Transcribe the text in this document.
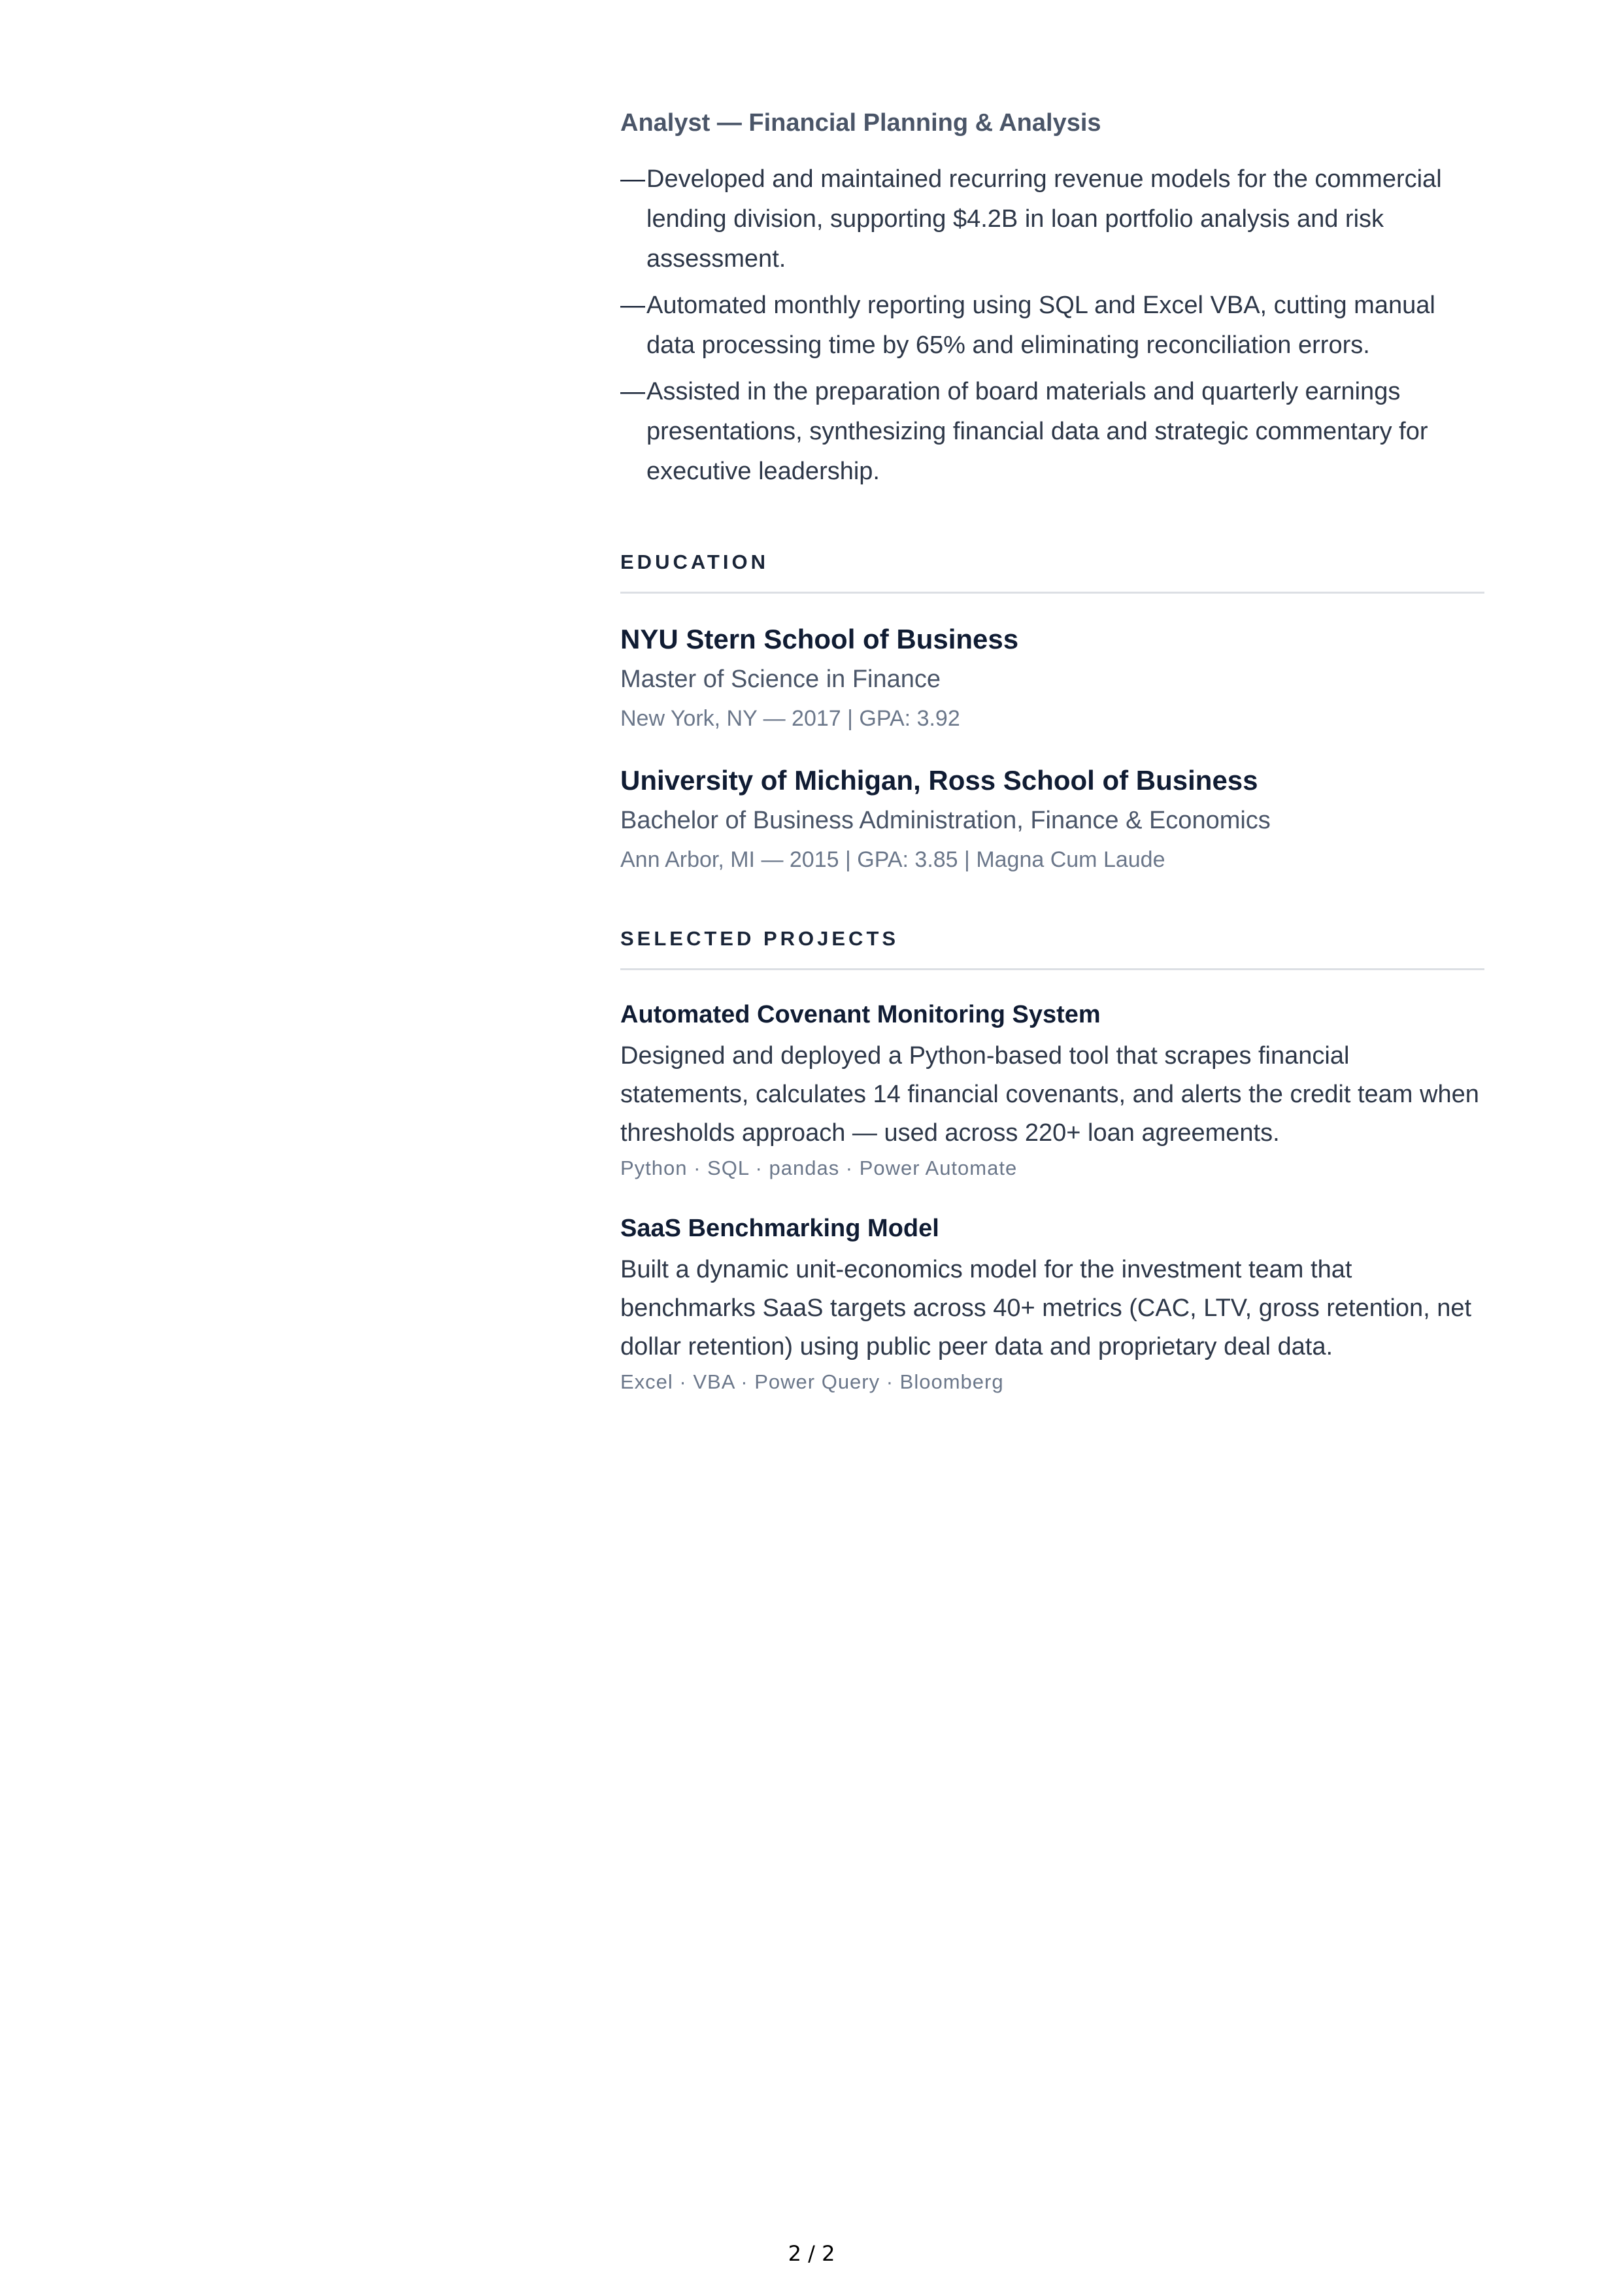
Analyst — Financial Planning & Analysis
— Developed and maintained recurring revenue models for the commercial lending division, supporting $4.2B in loan portfolio analysis and risk assessment.
— Automated monthly reporting using SQL and Excel VBA, cutting manual data processing time by 65% and eliminating reconciliation errors.
— Assisted in the preparation of board materials and quarterly earnings presentations, synthesizing financial data and strategic commentary for executive leadership.
EDUCATION
NYU Stern School of Business
Master of Science in Finance
New York, NY — 2017 | GPA: 3.92
University of Michigan, Ross School of Business
Bachelor of Business Administration, Finance & Economics
Ann Arbor, MI — 2015 | GPA: 3.85 | Magna Cum Laude
SELECTED PROJECTS
Automated Covenant Monitoring System
Designed and deployed a Python-based tool that scrapes financial statements, calculates 14 financial covenants, and alerts the credit team when thresholds approach — used across 220+ loan agreements.
Python · SQL · pandas · Power Automate
SaaS Benchmarking Model
Built a dynamic unit-economics model for the investment team that benchmarks SaaS targets across 40+ metrics (CAC, LTV, gross retention, net dollar retention) using public peer data and proprietary deal data.
Excel · VBA · Power Query · Bloomberg
2 / 2
